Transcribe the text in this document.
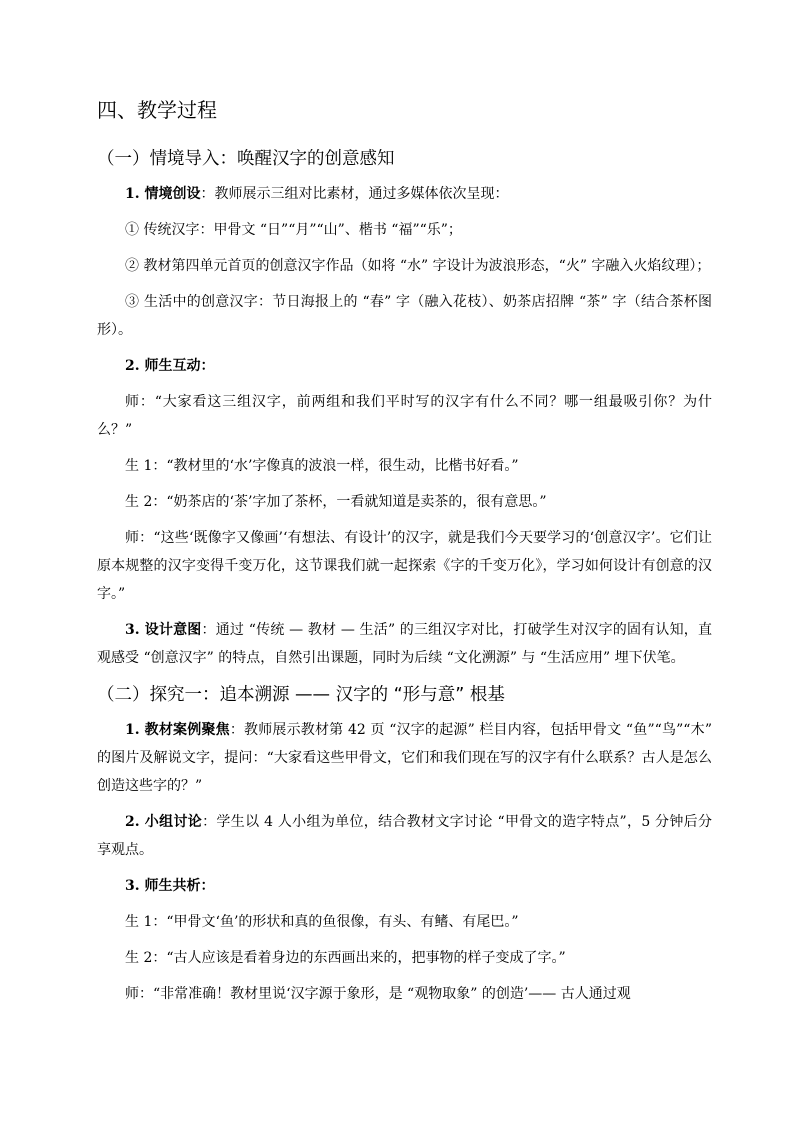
四、教学过程
（一）情境导入：唤醒汉字的创意感知

1. 情境创设：教师展示三组对比素材，通过多媒体依次呈现：

① 传统汉字：甲骨文 “日”“月”“山”、楷书 “福”“乐”；

② 教材第四单元首页的创意汉字作品（如将 “水” 字设计为波浪形态，“火” 字融入火焰纹理）；

③ 生活中的创意汉字：节日海报上的 “春” 字（融入花枝）、奶茶店招牌 “茶” 字（结合茶杯图形）。

2. 师生互动：

师：“大家看这三组汉字，前两组和我们平时写的汉字有什么不同？哪一组最吸引你？为什么？”

生 1：“教材里的‘水’字像真的波浪一样，很生动，比楷书好看。”

生 2：“奶茶店的‘茶’字加了茶杯，一看就知道是卖茶的，很有意思。”

师：“这些‘既像字又像画’‘有想法、有设计’的汉字，就是我们今天要学习的‘创意汉字’。它们让原本规整的汉字变得千变万化，这节课我们就一起探索《字的千变万化》，学习如何设计有创意的汉字。”

3. 设计意图：通过 “传统 — 教材 — 生活” 的三组汉字对比，打破学生对汉字的固有认知，直观感受 “创意汉字” 的特点，自然引出课题，同时为后续 “文化溯源” 与 “生活应用” 埋下伏笔。

（二）探究一：追本溯源 —— 汉字的 “形与意” 根基

1. 教材案例聚焦：教师展示教材第 42 页 “汉字的起源” 栏目内容，包括甲骨文 “鱼”“鸟”“木” 的图片及解说文字，提问：“大家看这些甲骨文，它们和我们现在写的汉字有什么联系？古人是怎么创造这些字的？”

2. 小组讨论：学生以 4 人小组为单位，结合教材文字讨论 “甲骨文的造字特点”，5 分钟后分享观点。

3. 师生共析：

生 1：“甲骨文‘鱼’的形状和真的鱼很像，有头、有鳍、有尾巴。”

生 2：“古人应该是看着身边的东西画出来的，把事物的样子变成了字。”

师：“非常准确！教材里说‘汉字源于象形，是 “观物取象” 的创造’—— 古人通过观
